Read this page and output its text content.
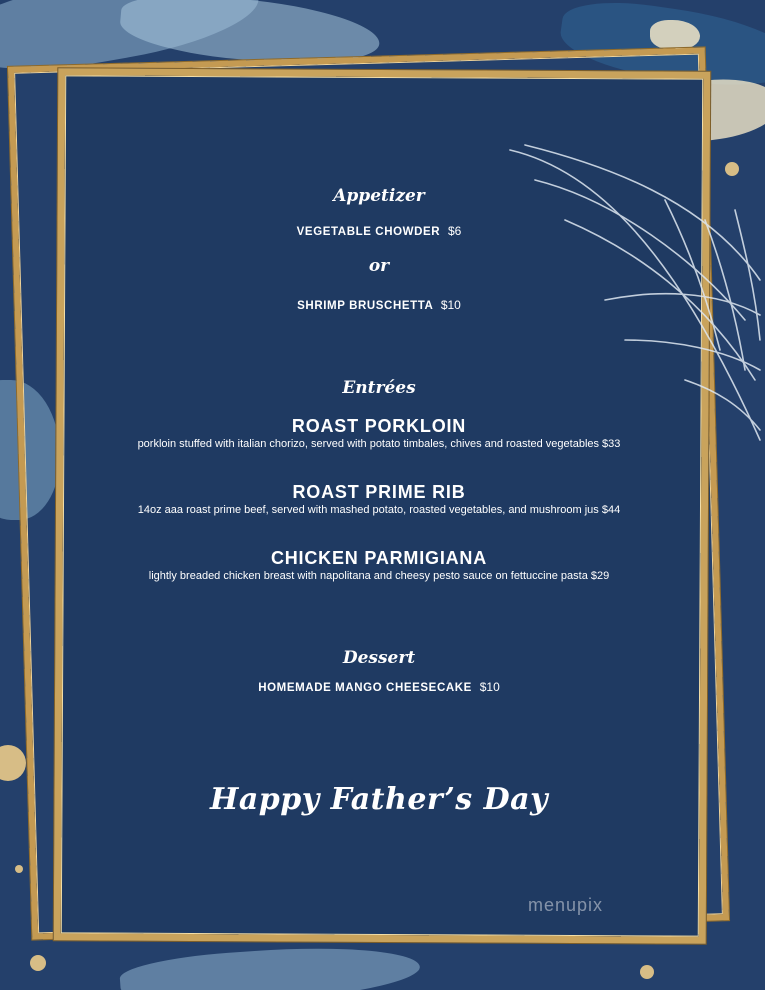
Appetizer
VEGETABLE CHOWDER $6
or
SHRIMP BRUSCHETTA $10
Entrées
ROAST PORKLOIN
porkloin stuffed with italian chorizo, served with potato timbales, chives and roasted vegetables $33
ROAST PRIME RIB
14oz aaa roast prime beef, served with mashed potato, roasted vegetables, and mushroom jus $44
CHICKEN PARMIGIANA
lightly breaded chicken breast with napolitana and cheesy pesto sauce on fettuccine pasta $29
Dessert
HOMEMADE MANGO CHEESECAKE $10
Happy Father’s Day
menupix
